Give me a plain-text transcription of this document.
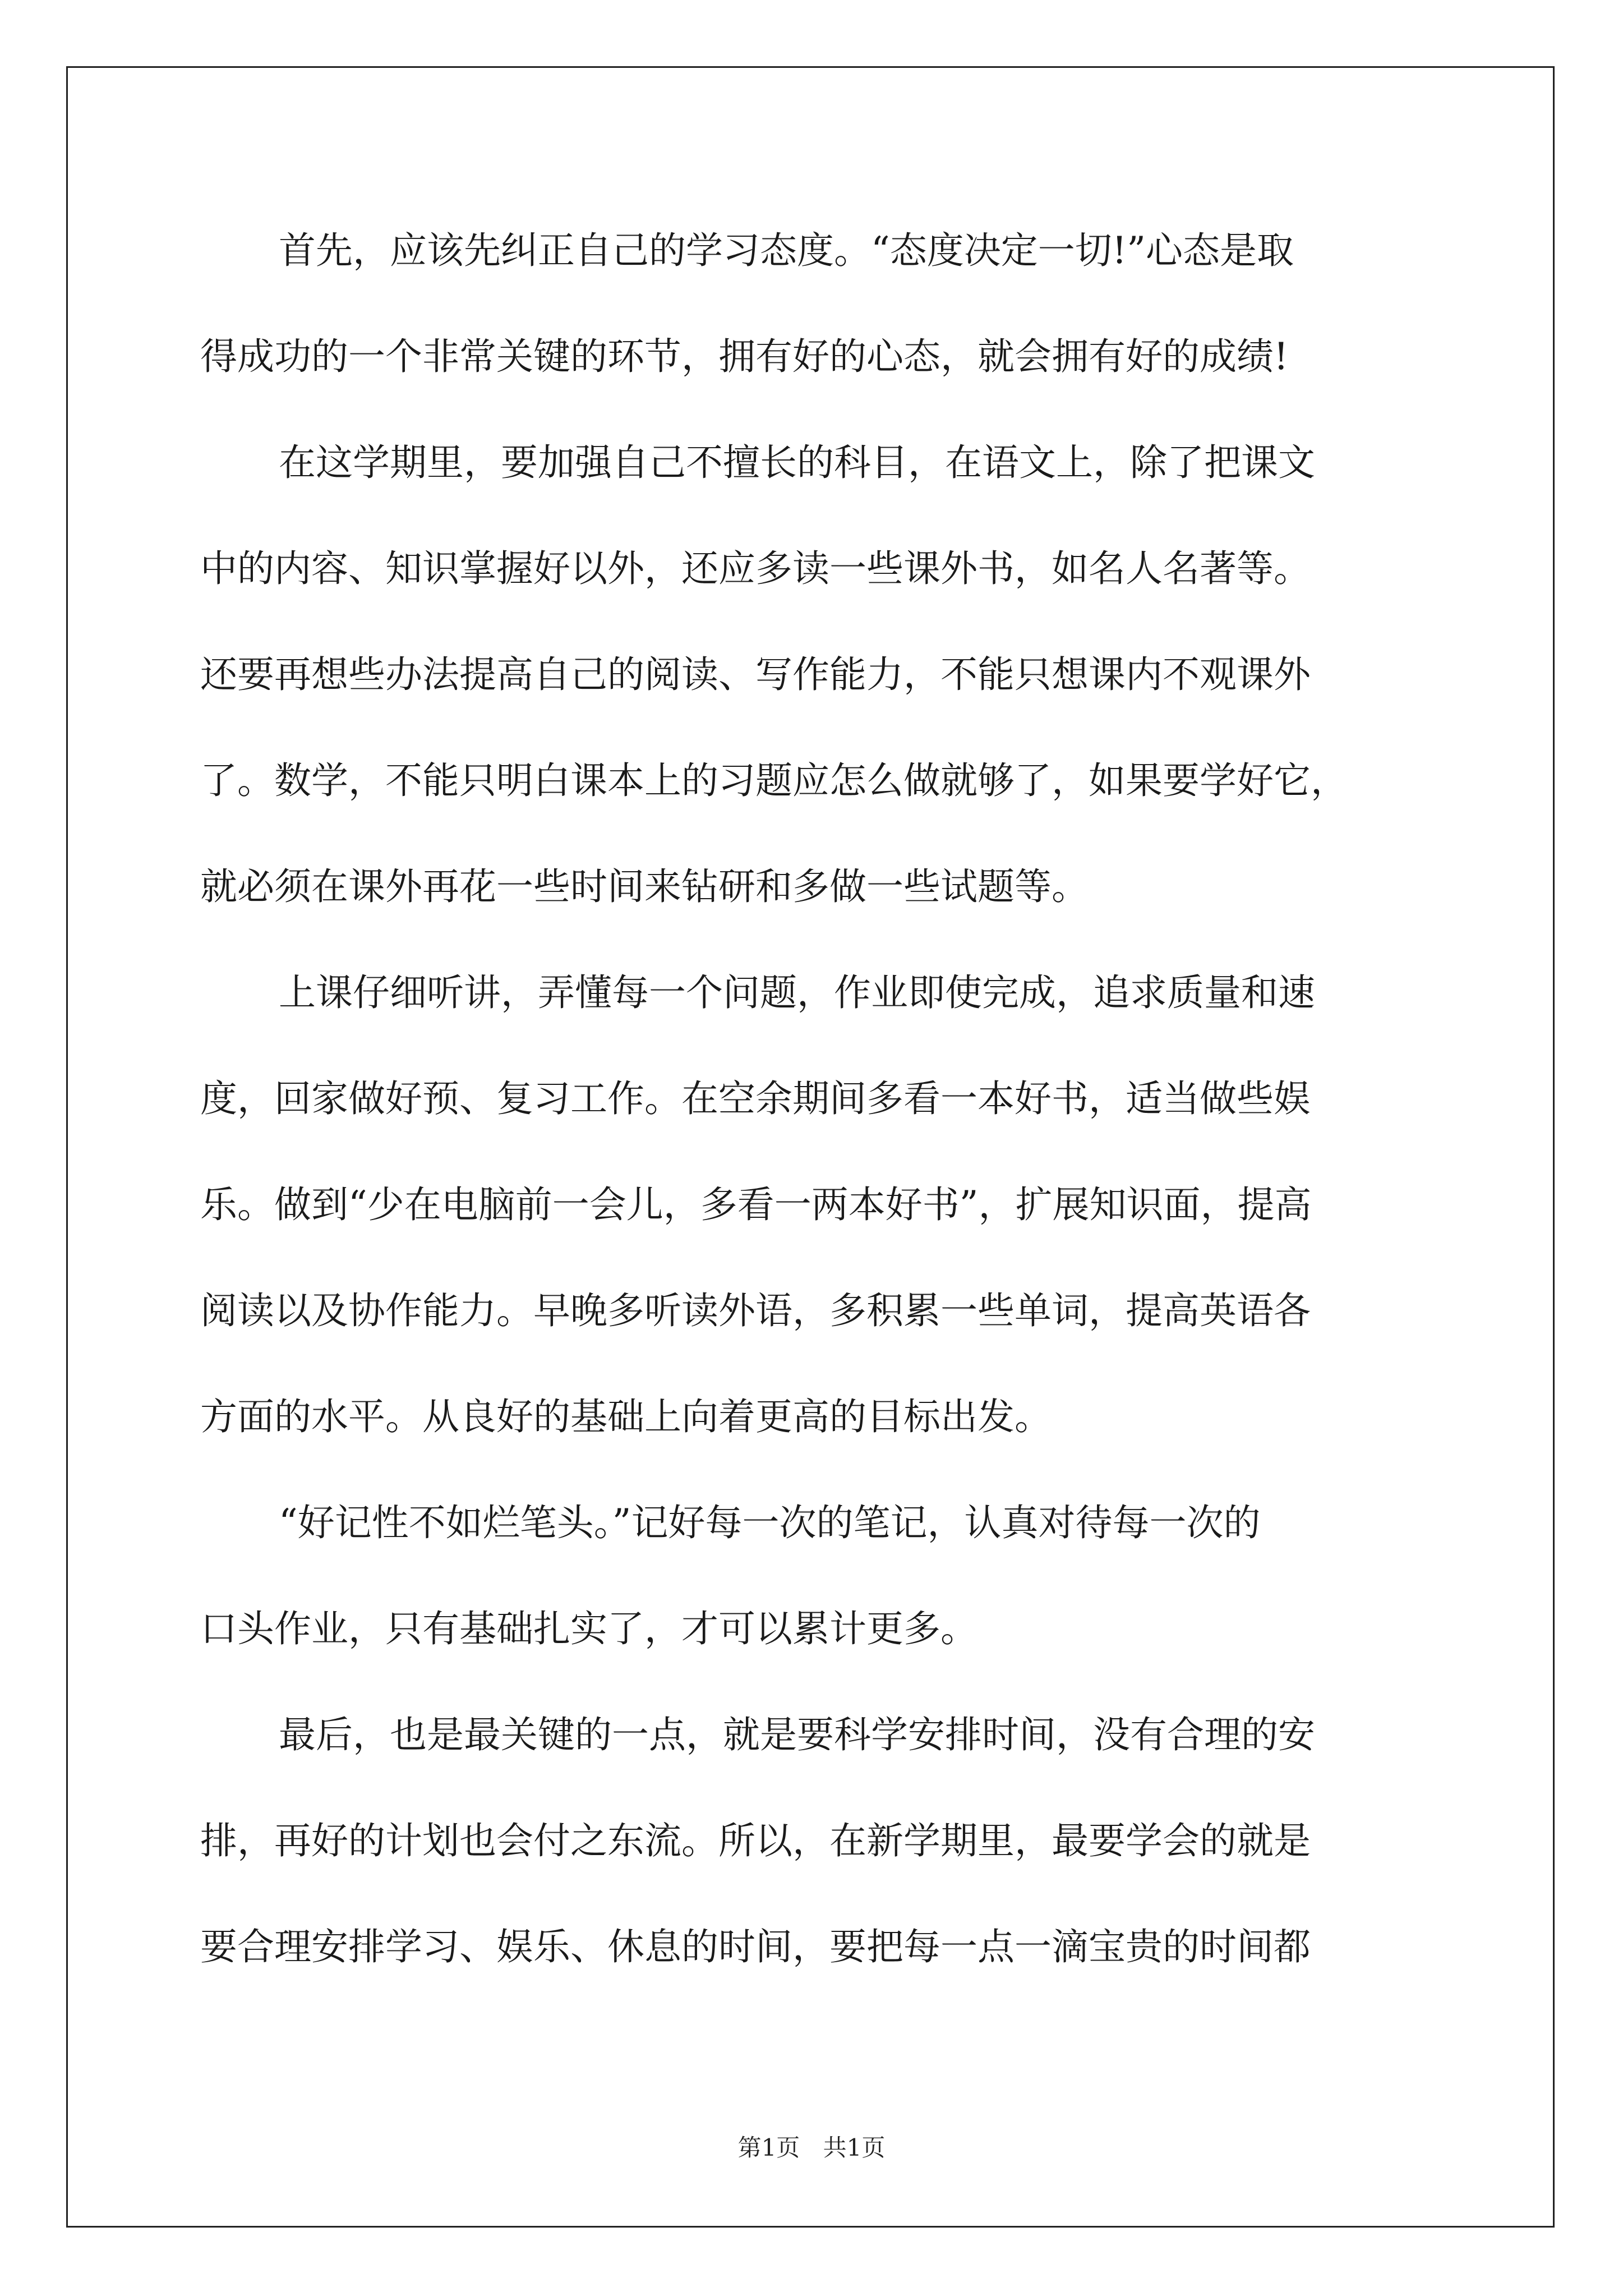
首先，应该先纠正自己的学习态度。“态度决定一切!”心态是取
得成功的一个非常关键的环节，拥有好的心态，就会拥有好的成绩!
在这学期里，要加强自己不擅长的科目，在语文上，除了把课文
中的内容、知识掌握好以外，还应多读一些课外书，如名人名著等。
还要再想些办法提高自己的阅读、写作能力，不能只想课内不观课外
了。数学，不能只明白课本上的习题应怎么做就够了，如果要学好它，
就必须在课外再花一些时间来钻研和多做一些试题等。
上课仔细听讲，弄懂每一个问题，作业即使完成，追求质量和速
度，回家做好预、复习工作。在空余期间多看一本好书，适当做些娱
乐。做到“少在电脑前一会儿，多看一两本好书”，扩展知识面，提高
阅读以及协作能力。早晚多听读外语，多积累一些单词，提高英语各
方面的水平。从良好的基础上向着更高的目标出发。
“好记性不如烂笔头。”记好每一次的笔记，认真对待每一次的
口头作业，只有基础扎实了，才可以累计更多。
最后，也是最关键的一点，就是要科学安排时间，没有合理的安
排，再好的计划也会付之东流。所以，在新学期里，最要学会的就是
要合理安排学习、娱乐、休息的时间，要把每一点一滴宝贵的时间都
第1页 共1页
